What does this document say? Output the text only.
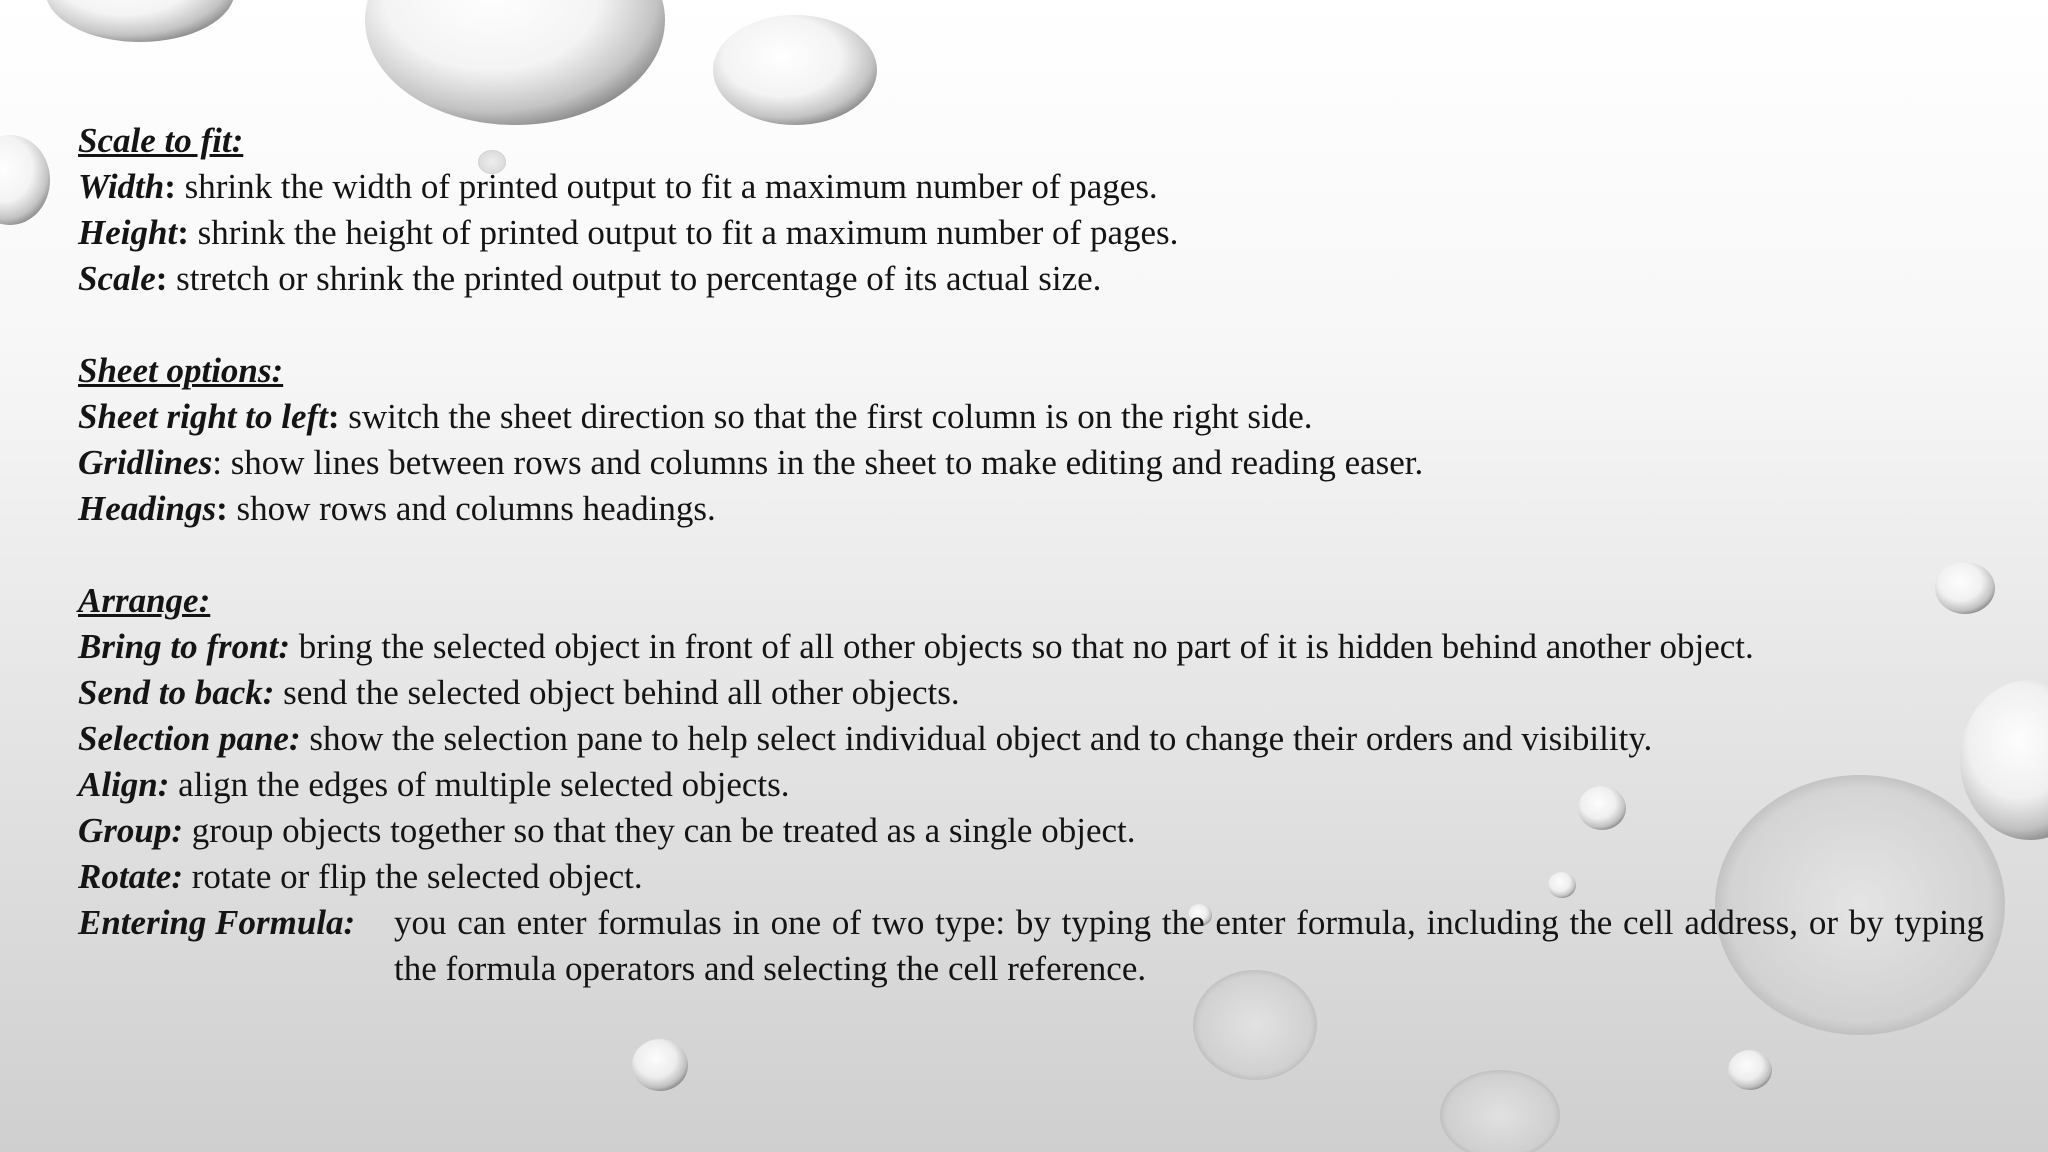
Scale to fit:

Width: shrink the width of printed output to fit a maximum number of pages.

Height: shrink the height of printed output to fit a maximum number of pages.

Scale: stretch or shrink the printed output to percentage of its actual size.

Sheet options:

Sheet right to left: switch the sheet direction so that the first column is on the right side.

Gridlines: show lines between rows and columns in the sheet to make editing and reading easer.

Headings: show rows and columns headings.

Arrange:

Bring to front: bring the selected object in front of all other objects so that no part of it is hidden behind another object.

Send to back: send the selected object behind all other objects.

Selection pane: show the selection pane to help select individual object and to change their orders and visibility.

Align: align the edges of multiple selected objects.

Group: group objects together so that they can be treated as a single object.

Rotate: rotate or flip the selected object.

Entering Formula:	you can enter formulas in one of two type: by typing the enter formula, including the cell address, or by typing the formula operators and selecting the cell reference.
